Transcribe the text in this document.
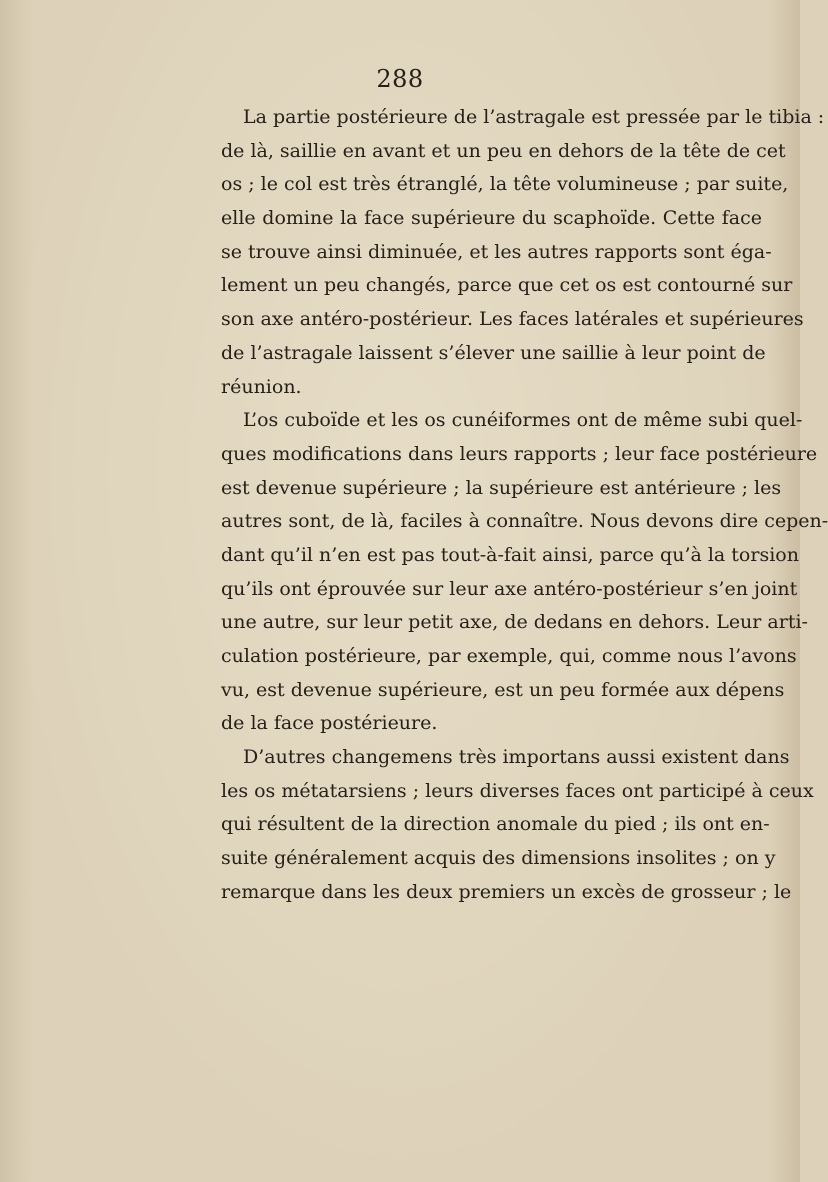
288
La partie postérieure de l’astragale est pressée par le tibia :
de là, saillie en avant et un peu en dehors de la tête de cet
os ; le col est très étranglé, la tête volumineuse ; par suite,
elle domine la face supérieure du scaphoïde. Cette face
se trouve ainsi diminuée, et les autres rapports sont éga-
lement un peu changés, parce que cet os est contourné sur
son axe antéro-postérieur. Les faces latérales et supérieures
de l’astragale laissent s’élever une saillie à leur point de
réunion.
L’os cuboïde et les os cunéiformes ont de même subi quel-
ques modifications dans leurs rapports ; leur face postérieure
est devenue supérieure ; la supérieure est antérieure ; les
autres sont, de là, faciles à connaître. Nous devons dire cepen-
dant qu’il n’en est pas tout-à-fait ainsi, parce qu’à la torsion
qu’ils ont éprouvée sur leur axe antéro-postérieur s’en joint
une autre, sur leur petit axe, de dedans en dehors. Leur arti-
culation postérieure, par exemple, qui, comme nous l’avons
vu, est devenue supérieure, est un peu formée aux dépens
de la face postérieure.
D’autres changemens très importans aussi existent dans
les os métatarsiens ; leurs diverses faces ont participé à ceux
qui résultent de la direction anomale du pied ; ils ont en-
suite généralement acquis des dimensions insolites ; on y
remarque dans les deux premiers un excès de grosseur ; le
